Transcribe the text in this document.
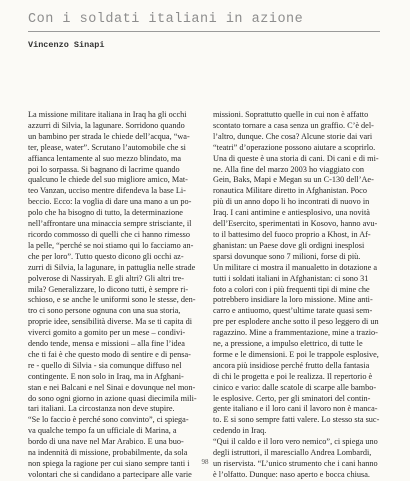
Con i soldati italiani in azione
Vincenzo Sinapi
La missione militare italiana in Iraq ha gli occhi
azzurri di Silvia, la lagunare. Sorridono quando
un bambino per strada le chiede dell’acqua, “wa-
ter, please, water”. Scrutano l’automobile che si
affianca lentamente al suo mezzo blindato, ma
poi lo sorpassa. Si bagnano di lacrime quando
qualcuno le chiede del suo migliore amico, Mat-
teo Vanzan, ucciso mentre difendeva la base Li-
beccio. Ecco: la voglia di dare una mano a un po-
polo che ha bisogno di tutto, la determinazione
nell’affrontare una minaccia sempre strisciante, il
ricordo commosso di quelli che ci hanno rimesso
la pelle, “perché se noi stiamo qui lo facciamo an-
che per loro”. Tutto questo dicono gli occhi az-
zurri di Silvia, la lagunare, in pattuglia nelle strade
polverose di Nassiryah. E gli altri? Gli altri tre-
mila? Generalizzare, lo dicono tutti, è sempre ri-
schioso, e se anche le uniformi sono le stesse, den-
tro ci sono persone ognuna con una sua storia,
proprie idee, sensibilità diverse. Ma se ti capita di
viverci gomito a gomito per un mese – condivi-
dendo tende, mensa e missioni – alla fine l’idea
che ti fai è che questo modo di sentire e di pensa-
re - quello di Silvia - sia comunque diffuso nel
contingente. E non solo in Iraq, ma in Afghani-
stan e nei Balcani e nel Sinai e dovunque nel mon-
do sono ogni giorno in azione quasi diecimila mili-
tari italiani. La circostanza non deve stupire.
“Se lo faccio è perché sono convinto”, ci spiega-
va qualche tempo fa un ufficiale di Marina, a
bordo di una nave nel Mar Arabico. E una buo-
na indennità di missione, probabilmente, da sola
non spiega la ragione per cui siano sempre tanti i
volontari che si candidano a partecipare alle varie
missioni. Soprattutto quelle in cui non è affatto
scontato tornare a casa senza un graffio. C’è del-
l’altro, dunque. Che cosa? Alcune storie dai vari
“teatri” d’operazione possono aiutare a scoprirlo.
Una di queste è una storia di cani. Di cani e di mi-
ne. Alla fine del marzo 2003 ho viaggiato con
Gein, Baks, Mapi e Megan su un C-130 dell’Ae-
ronautica Militare diretto in Afghanistan. Poco
più di un anno dopo li ho incontrati di nuovo in
Iraq. I cani antimine e antiesplosivo, una novità
dell’Esercito, sperimentati in Kosovo, hanno avu-
to il battesimo del fuoco proprio a Khost, in Af-
ghanistan: un Paese dove gli ordigni inesplosi
sparsi dovunque sono 7 milioni, forse di più.
Un militare ci mostra il manualetto in dotazione a
tutti i soldati italiani in Afghanistan: ci sono 31
foto a colori con i più frequenti tipi di mine che
potrebbero insidiare la loro missione. Mine anti-
carro e antiuomo, quest’ultime tarate quasi sem-
pre per esplodere anche sotto il peso leggero di un
ragazzino. Mine a frammentazione, mine a trazio-
ne, a pressione, a impulso elettrico, di tutte le
forme e le dimensioni. E poi le trappole esplosive,
ancora più insidiose perché frutto della fantasia
di chi le progetta e poi le realizza. Il repertorio è
cinico e vario: dalle scatole di scarpe alle bambo-
le esplosive. Certo, per gli sminatori del contin-
gente italiano e il loro cani il lavoro non è manca-
to. E si sono sempre fatti valere. Lo stesso sta suc-
cedendo in Iraq.
“Qui il caldo e il loro vero nemico”, ci spiega uno
degli istruttori, il maresciallo Andrea Lombardi,
un riservista. “L’unico strumento che i cani hanno
è l’olfatto. Dunque: naso aperto e bocca chiusa.
98
